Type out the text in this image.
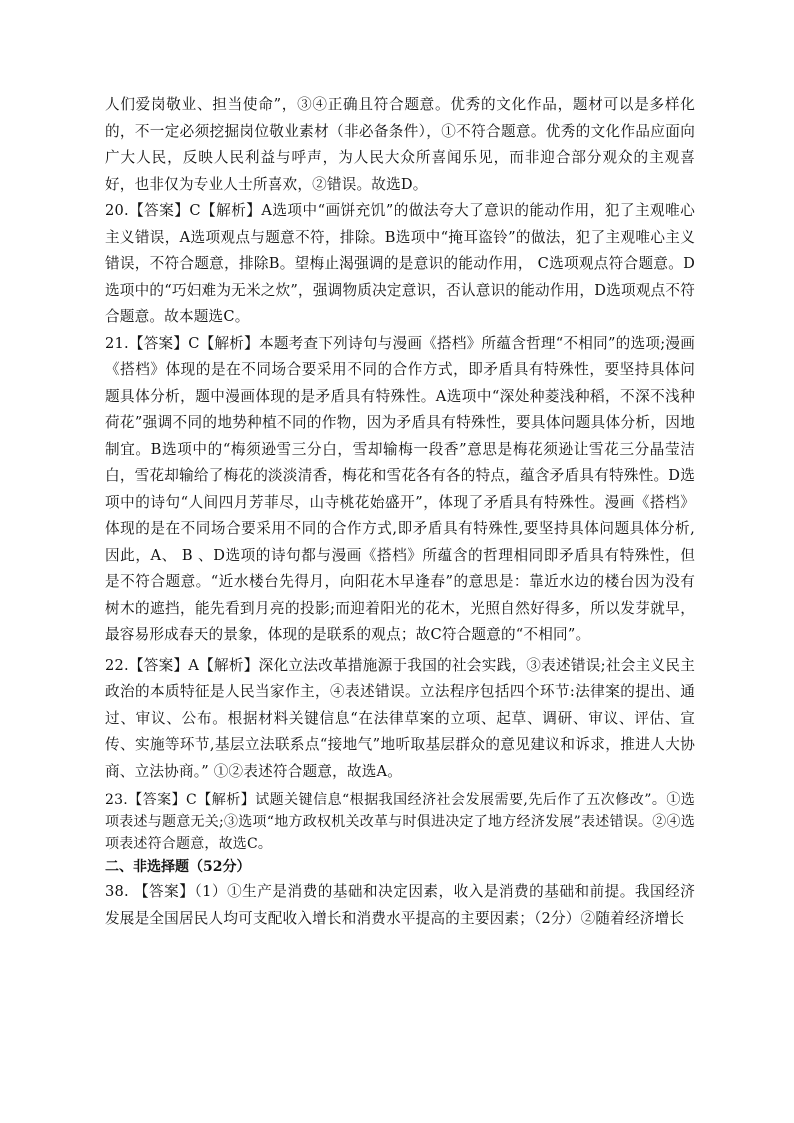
人们爱岗敬业、担当使命”，③④正确且符合题意。优秀的文化作品，题材可以是多样化的，不一定必须挖掘岗位敬业素材（非必备条件），①不符合题意。优秀的文化作品应面向广大人民，反映人民利益与呼声，为人民大众所喜闻乐见，而非迎合部分观众的主观喜好，也非仅为专业人士所喜欢，②错误。故选D。

20.【答案】C【解析】A选项中“画饼充饥”的做法夸大了意识的能动作用，犯了主观唯心主义错误，A选项观点与题意不符，排除。B选项中“掩耳盗铃”的做法，犯了主观唯心主义错误，不符合题意，排除B。望梅止渴强调的是意识的能动作用， C选项观点符合题意。D选项中的“巧妇难为无米之炊”，强调物质决定意识，否认意识的能动作用，D选项观点不符合题意。故本题选C。

21.【答案】C【解析】本题考查下列诗句与漫画《搭档》所蕴含哲理“不相同”的选项;漫画《搭档》体现的是在不同场合要采用不同的合作方式，即矛盾具有特殊性，要坚持具体问题具体分析，题中漫画体现的是矛盾具有特殊性。A选项中“深处种菱浅种稻，不深不浅种荷花”强调不同的地势种植不同的作物，因为矛盾具有特殊性，要具体问题具体分析，因地制宜。B选项中的“梅须逊雪三分白，雪却输梅一段香”意思是梅花须逊让雪花三分晶莹洁白，雪花却输给了梅花的淡淡清香，梅花和雪花各有各的特点，蕴含矛盾具有特殊性。D选项中的诗句“人间四月芳菲尽，山寺桃花始盛开”，体现了矛盾具有特殊性。漫画《搭档》体现的是在不同场合要采用不同的合作方式,即矛盾具有特殊性,要坚持具体问题具体分析,因此，A、 B 、D选项的诗句都与漫画《搭档》所蕴含的哲理相同即矛盾具有特殊性，但是不符合题意。“近水楼台先得月，向阳花木早逢春”的意思是：靠近水边的楼台因为没有树木的遮挡，能先看到月亮的投影;而迎着阳光的花木，光照自然好得多，所以发芽就早，最容易形成春天的景象，体现的是联系的观点；故C符合题意的“不相同”。

22.【答案】A【解析】深化立法改革措施源于我国的社会实践，③表述错误;社会主义民主政治的本质特征是人民当家作主，④表述错误。立法程序包括四个环节:法律案的提出、通过、审议、公布。根据材料关键信息“在法律草案的立项、起草、调研、审议、评估、宣传、实施等环节,基层立法联系点“接地气”地听取基层群众的意见建议和诉求，推进人大协商、立法协商。” ①②表述符合题意，故选A。

23.【答案】C【解析】试题关键信息“根据我国经济社会发展需要,先后作了五次修改”。①选项表述与题意无关;③选项“地方政权机关改革与时俱进决定了地方经济发展”表述错误。②④选项表述符合题意，故选C。

二、非选择题（52分）

38. 【答案】（1）①生产是消费的基础和决定因素，收入是消费的基础和前提。我国经济发展是全国居民人均可支配收入增长和消费水平提高的主要因素；（2分）②随着经济增长
